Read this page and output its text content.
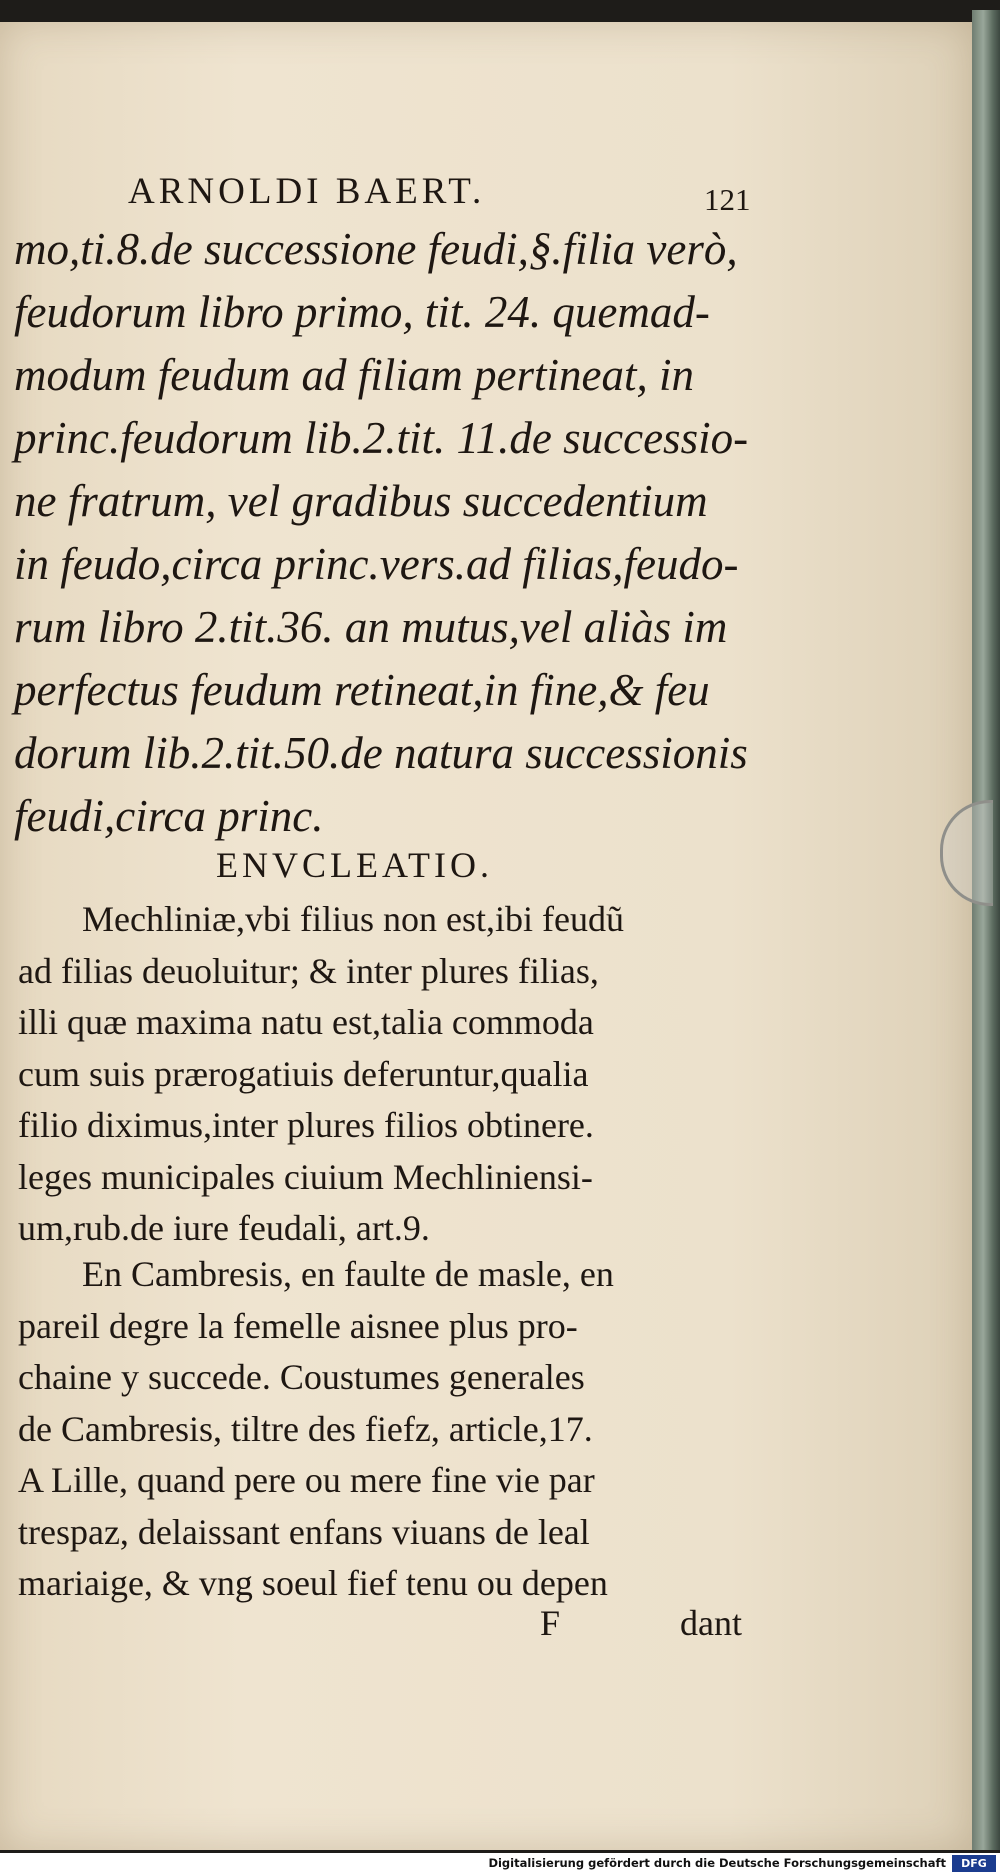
ARNOLDI BAERT.	121
mo,ti.8.de successione feudi,§.filia verò,
feudorum libro primo, tit. 24. quemad-
modum feudum ad filiam pertineat, in
princ.feudorum lib.2.tit. 11.de successio-
ne fratrum, vel gradibus succedentium
in feudo,circa princ.vers.ad filias,feudo-
rum libro 2.tit.36. an mutus,vel aliàs im
perfectus feudum retineat,in fine,& feu
dorum lib.2.tit.50.de natura successionis
feudi,circa princ.
ENVCLEATIO.
Mechliniæ,vbi filius non est,ibi feudũ
ad filias deuoluitur; & inter plures filias,
illi quæ maxima natu est,talia commoda
cum suis prærogatiuis deferuntur,qualia
filio diximus,inter plures filios obtinere.
leges municipales ciuium Mechliniensi-
um,rub.de iure feudali, art.9.
En Cambresis, en faulte de masle, en
pareil degre la femelle aisnee plus pro-
chaine y succede. Coustumes generales
de Cambresis, tiltre des fiefz, article,17.
A Lille, quand pere ou mere fine vie par
trespaz, delaissant enfans viuans de leal
mariaige, & vng soeul fief tenu ou depen
F	dant
Digitalisierung gefördert durch die Deutsche Forschungsgemeinschaft	DFG
